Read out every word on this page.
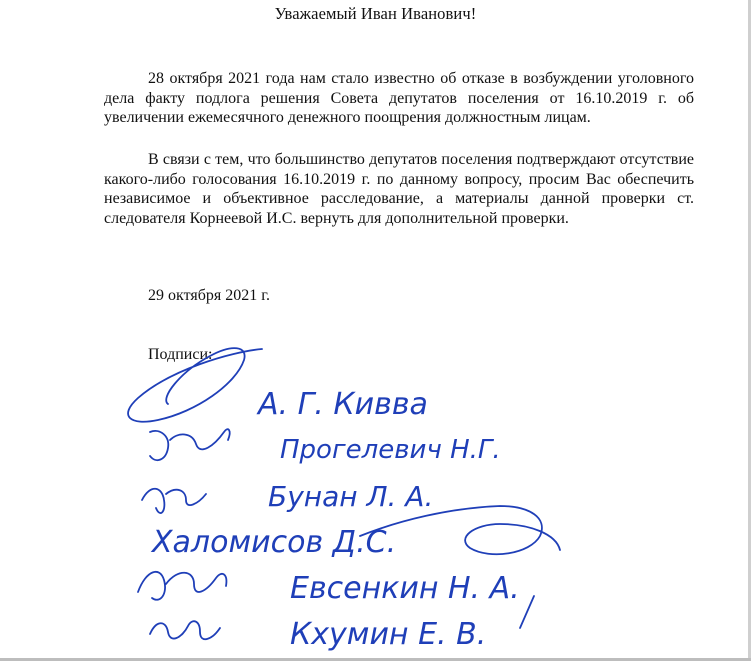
Уважаемый Иван Иванович!

28 октября 2021 года нам стало известно об отказе в возбуждении уголовного дела факту подлога решения Совета депутатов поселения от 16.10.2019 г. об увеличении ежемесячного денежного поощрения должностным лицам.

В связи с тем, что большинство депутатов поселения подтверждают отсутствие какого-либо голосования 16.10.2019 г. по данному вопросу, просим Вас обеспечить независимое и объективное расследование, а материалы данной проверки ст. следователя Корнеевой И.С. вернуть для дополнительной проверки.

29 октября 2021 г.
Подписи:
А. Г. Кивва
Прогелевич Н.Г.
Бунан Л. А.
Халомисов Д.С.
Евсенкин Н. А.
Кхумин Е. В.
